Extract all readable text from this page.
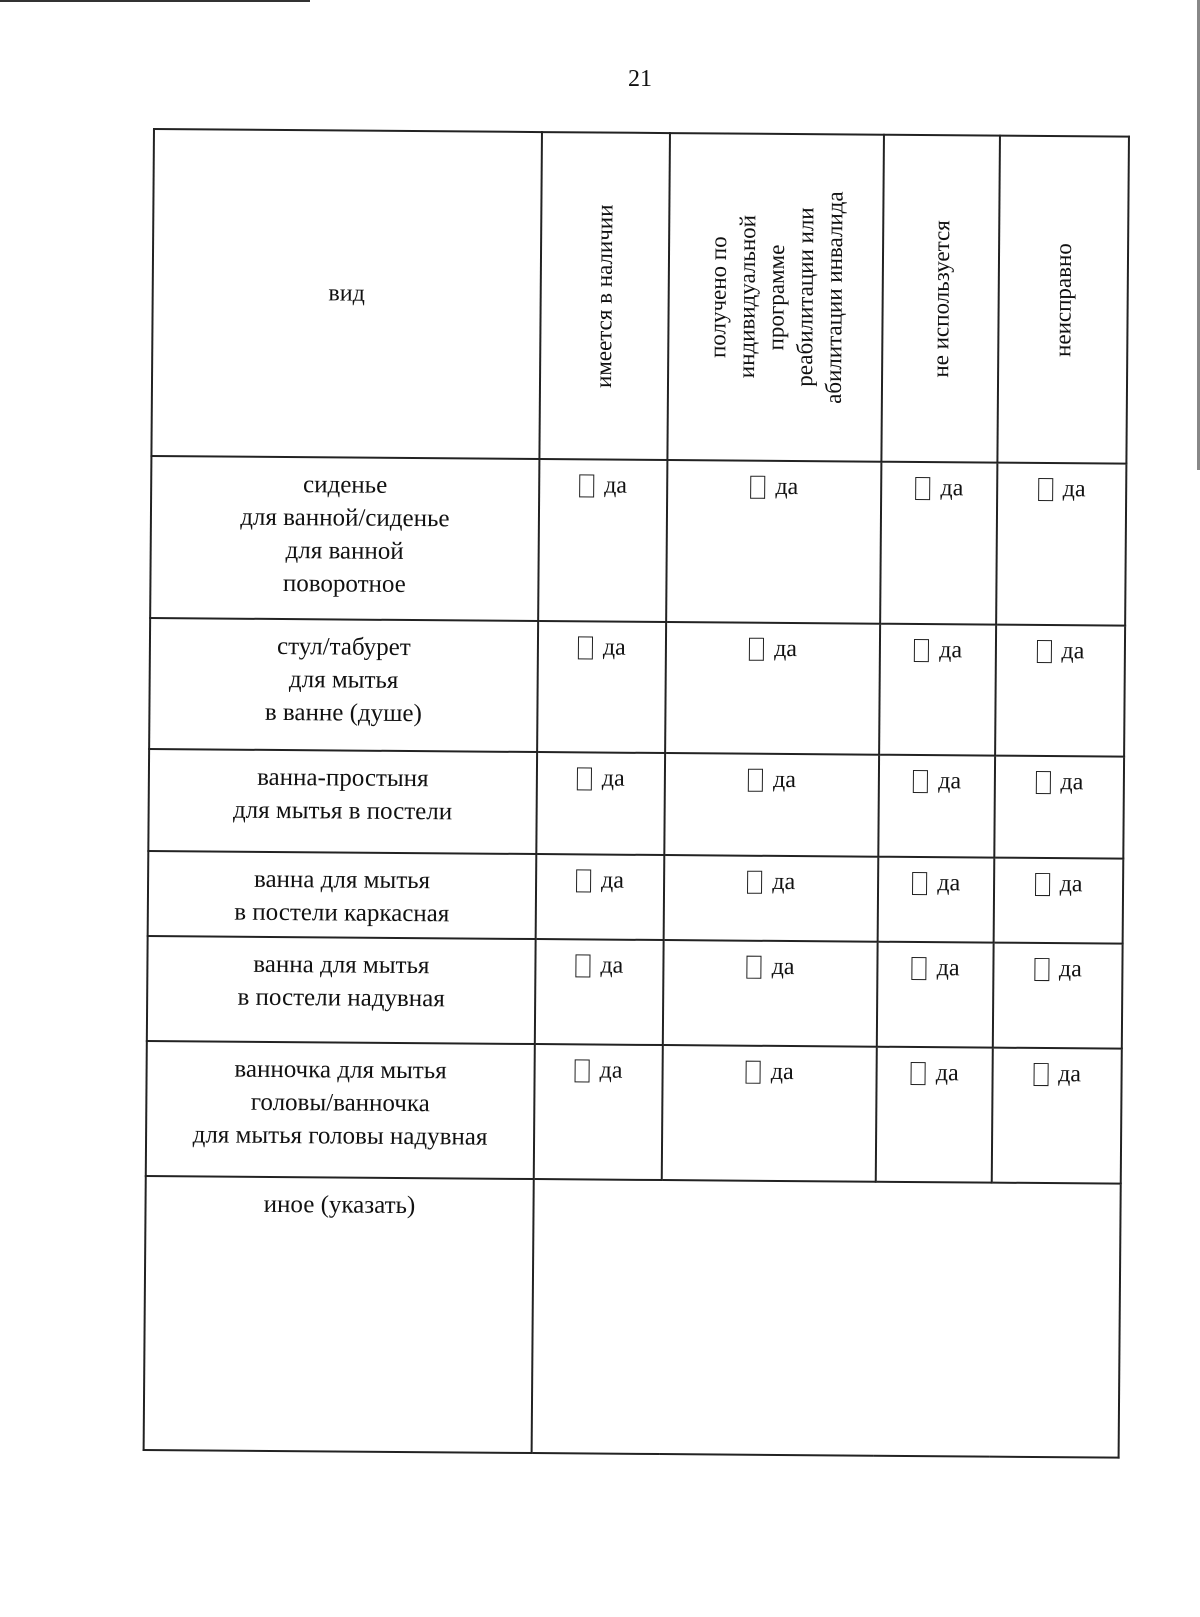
21
вид	имеется в наличии	получено по
индивидуальной
программе
реабилитации или
абилитации инвалида	не используется	неисправно

сиденье
для ванной/сиденье
для ванной
поворотное	да	да	да	да

стул/табурет
для мытья
в ванне (душе)	да	да	да	да

ванна-простыня
для мытья в постели	да	да	да	да

ванна для мытья
в постели каркасная	да	да	да	да

ванна для мытья
в постели надувная	да	да	да	да

ванночка для мытья
головы/ванночка
для мытья головы надувная	да	да	да	да

иное (указать)				
